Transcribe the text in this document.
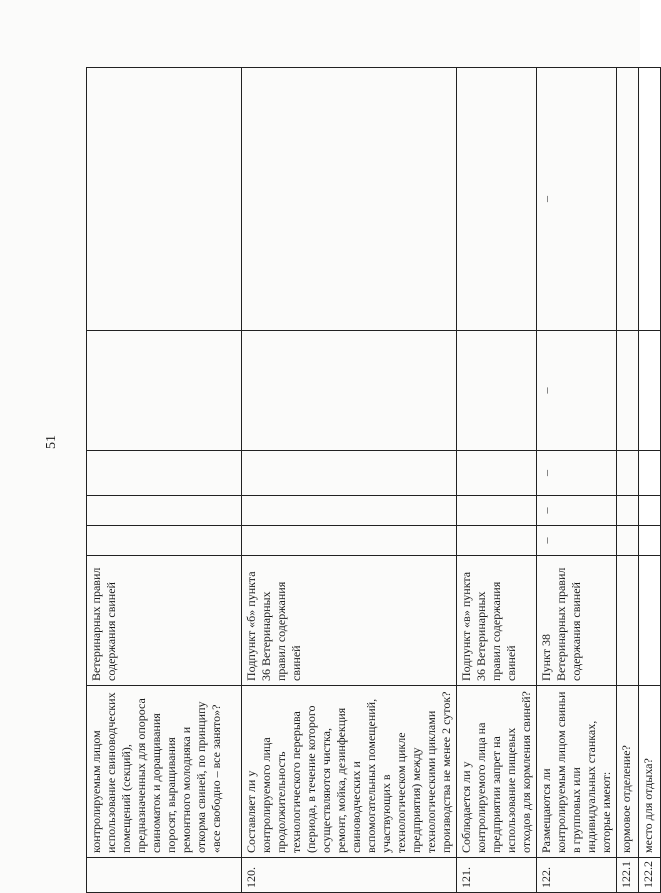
51
	контролируемым лицом использование свиноводческих помещений (секций), предназначенных для опороса свиноматок и доращивания поросят, выращивания ремонтного молодняка и откорма свиней, по принципу «все свободно – все занято»?	Ветеринарных правил содержания свиней					
120.	Составляет ли у контролируемого лица продолжительность технологического перерыва (периода, в течение которого осуществляются чистка, ремонт, мойка, дезинфекция свиноводческих и вспомогательных помещений, участвующих в технологическом цикле предприятия) между технологическими циклами производства не менее 2 суток?	Подпункт «б» пункта 36 Ветеринарных правил содержания свиней					
121.	Соблюдается ли у контролируемого лица на предприятии запрет на использование пищевых отходов для кормления свиней?	Подпункт «в» пункта 36 Ветеринарных правил содержания свиней					
122.	Размещаются ли контролируемым лицом свиньи в групповых или индивидуальных станках, которые имеют:	Пункт 38 Ветеринарных правил содержания свиней	–	–	–	–	–
122.1	кормовое отделение?						
122.2	место для отдыха?						
